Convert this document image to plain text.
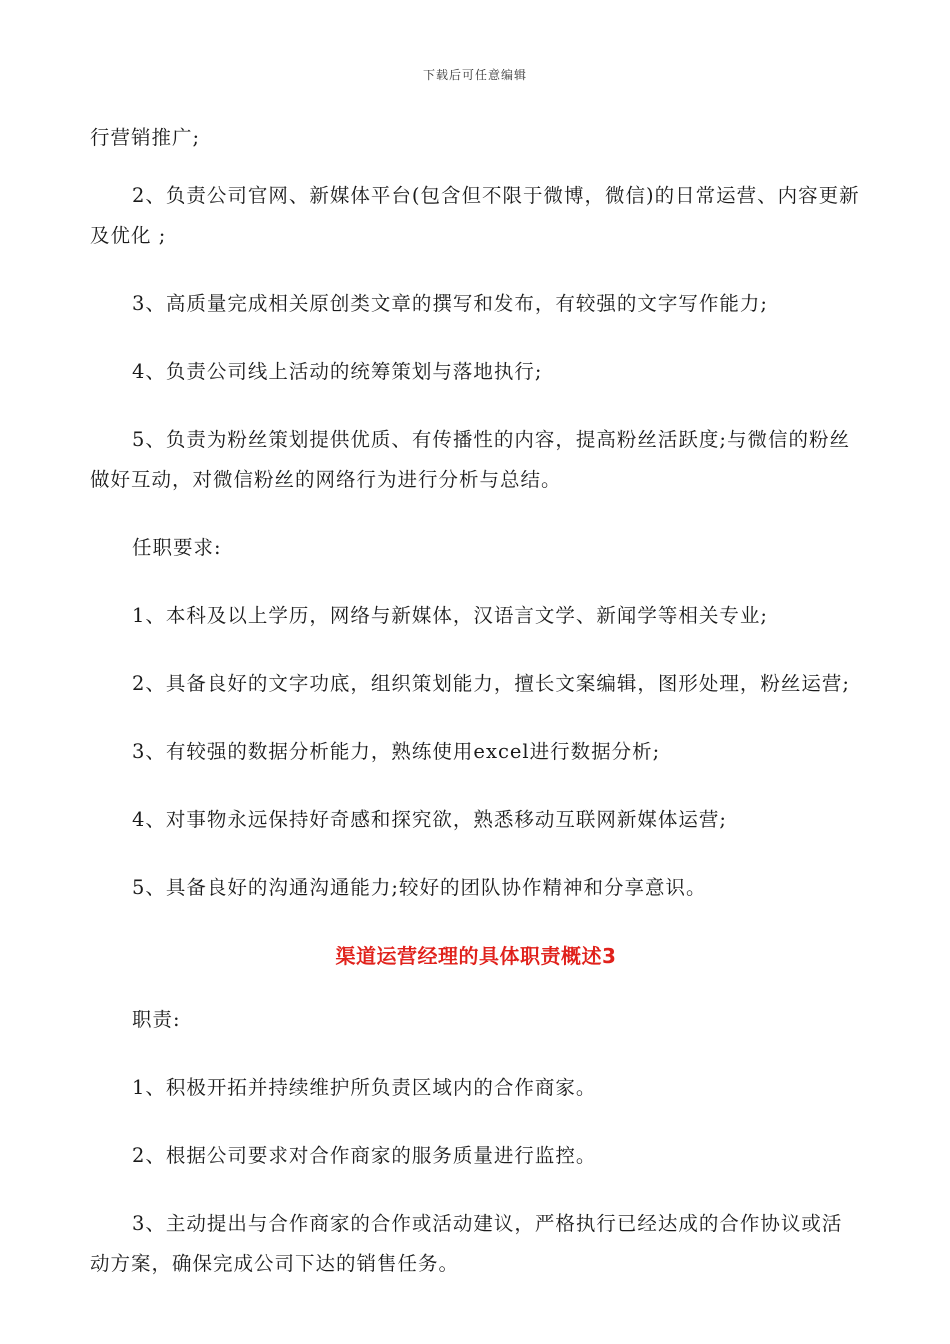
下载后可任意编辑

行营销推广;

2、负责公司官网、新媒体平台(包含但不限于微博，微信)的日常运营、内容更新及优化 ;

3、高质量完成相关原创类文章的撰写和发布，有较强的文字写作能力;

4、负责公司线上活动的统筹策划与落地执行;

5、负责为粉丝策划提供优质、有传播性的内容，提高粉丝活跃度;与微信的粉丝做好互动，对微信粉丝的网络行为进行分析与总结。

任职要求:

1、本科及以上学历，网络与新媒体，汉语言文学、新闻学等相关专业;

2、具备良好的文字功底，组织策划能力，擅长文案编辑，图形处理，粉丝运营;

3、有较强的数据分析能力，熟练使用excel进行数据分析;

4、对事物永远保持好奇感和探究欲，熟悉移动互联网新媒体运营;

5、具备良好的沟通沟通能力;较好的团队协作精神和分享意识。

渠道运营经理的具体职责概述3

职责:

1、积极开拓并持续维护所负责区域内的合作商家。

2、根据公司要求对合作商家的服务质量进行监控。

3、主动提出与合作商家的合作或活动建议，严格执行已经达成的合作协议或活动方案，确保完成公司下达的销售任务。
